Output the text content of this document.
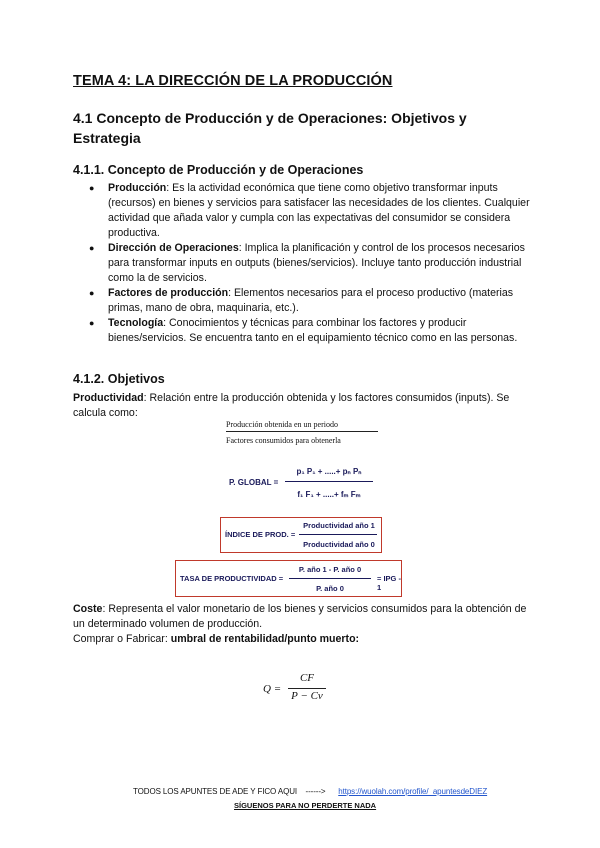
TEMA 4: LA DIRECCIÓN DE LA PRODUCCIÓN
4.1 Concepto de Producción y de Operaciones: Objetivos y Estrategia
4.1.1. Concepto de Producción y de Operaciones
● Producción: Es la actividad económica que tiene como objetivo transformar inputs (recursos) en bienes y servicios para satisfacer las necesidades de los clientes. Cualquier actividad que añada valor y cumpla con las expectativas del consumidor se considera productiva.
● Dirección de Operaciones: Implica la planificación y control de los procesos necesarios para transformar inputs en outputs (bienes/servicios). Incluye tanto producción industrial como la de servicios.
● Factores de producción: Elementos necesarios para el proceso productivo (materias primas, mano de obra, maquinaria, etc.).
● Tecnología: Conocimientos y técnicas para combinar los factores y producir bienes/servicios. Se encuentra tanto en el equipamiento técnico como en las personas.
4.1.2. Objetivos
Productividad: Relación entre la producción obtenida y los factores consumidos (inputs). Se calcula como:
Producción obtenida en un periodo
Factores consumidos para obtenerla
P. GLOBAL =
p₁ P₁ + .....+ pₙ Pₙ
f₁ F₁ + .....+ fₘ Fₘ
ÍNDICE DE PROD. =
Productividad año 1
Productividad año 0
TASA DE PRODUCTIVIDAD =
P. año 1 - P. año 0
P. año 0
= IPG - 1
Coste: Representa el valor monetario de los bienes y servicios consumidos para la obtención de un determinado volumen de producción.
Comprar o Fabricar: umbral de rentabilidad/punto muerto:
Q =
CF
P − Cv
TODOS LOS APUNTES DE ADE Y FICO AQUI ------> https://wuolah.com/profile/_apuntesdeDIEZ
SÍGUENOS PARA NO PERDERTE NADA
